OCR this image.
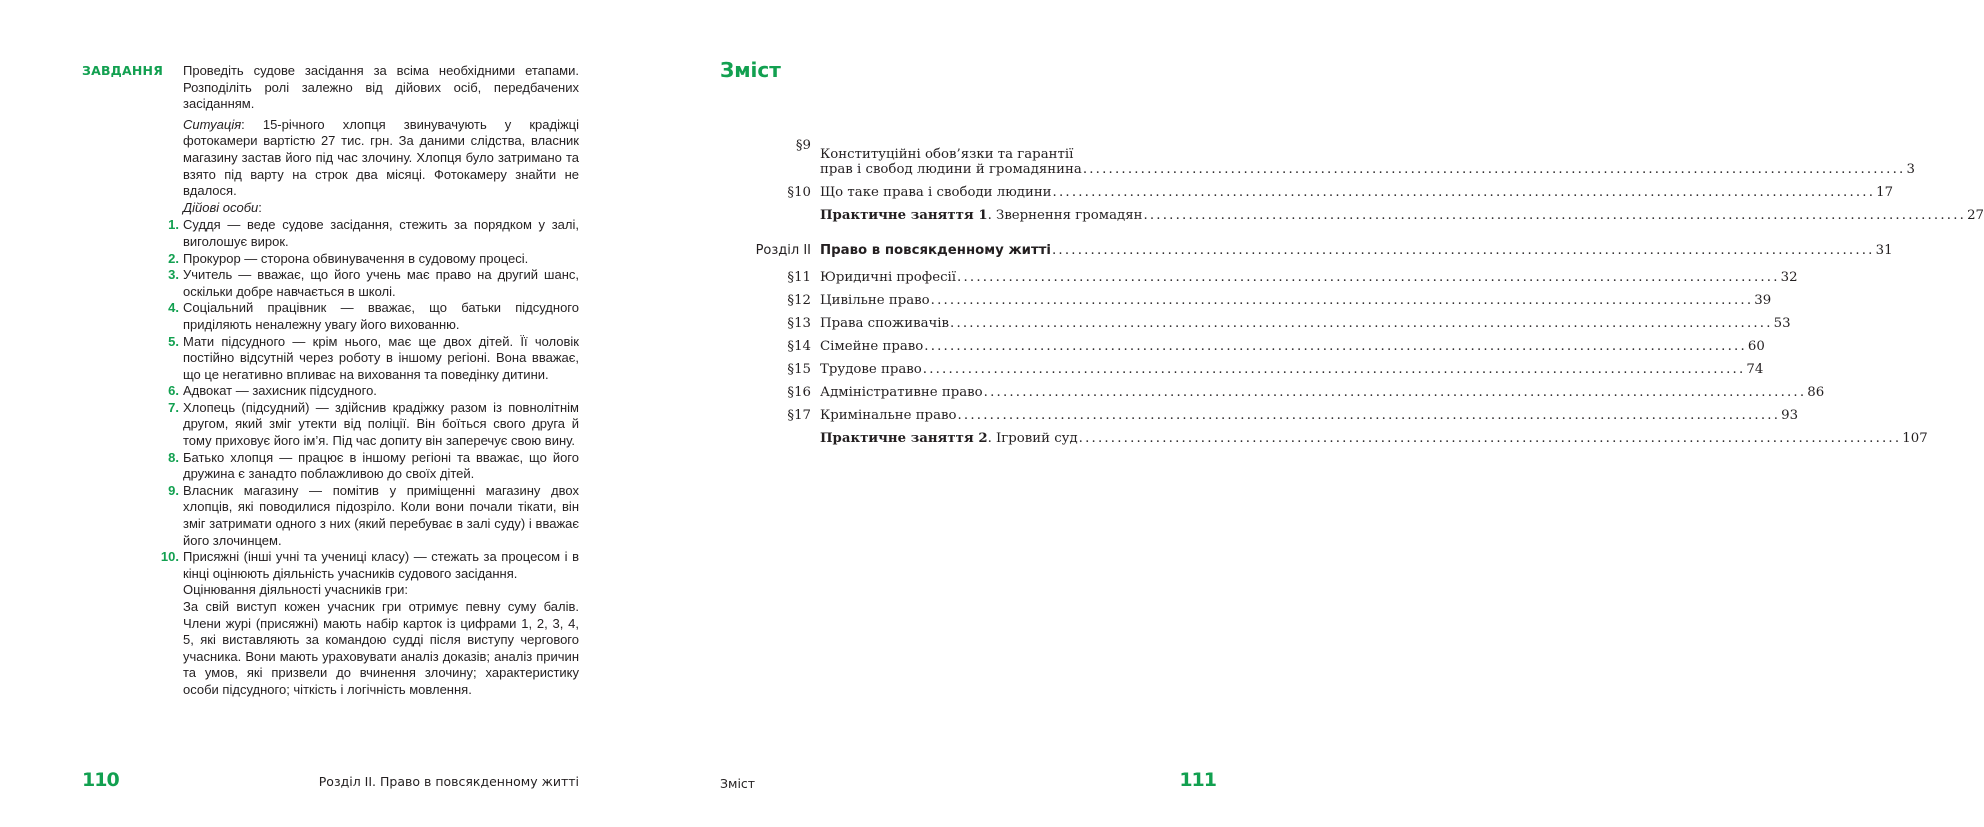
ЗАВДАННЯ Проведіть судове засідання за всіма необхідними етапами. Розподіліть ролі залежно від дійових осіб, передбачених засіданням.

Ситуація: 15-річного хлопця звинувачують у крадіжці фотокамери вартістю 27 тис. грн. За даними слідства, власник магазину застав його під час злочину. Хлопця було затримано та взято під варту на строк два місяці. Фотокамеру знайти не вдалося.

Дійові особи:

1. Суддя — веде судове засідання, стежить за порядком у залі, виголошує вирок.
2. Прокурор — сторона обвинувачення в судовому процесі.
3. Учитель — вважає, що його учень має право на другий шанс, оскільки добре навчається в школі.
4. Соціальний працівник — вважає, що батьки підсудного приділяють неналежну увагу його вихованню.
5. Мати підсудного — крім нього, має ще двох дітей. Її чоловік постійно відсутній через роботу в іншому регіоні. Вона вважає, що це негативно впливає на виховання та поведінку дитини.
6. Адвокат — захисник підсудного.
7. Хлопець (підсудний) — здійснив крадіжку разом із повнолітнім другом, який зміг утекти від поліції. Він боїться свого друга й тому приховує його ім’я. Під час допиту він заперечує свою вину.
8. Батько хлопця — працює в іншому регіоні та вважає, що його дружина є занадто поблажливою до своїх дітей.
9. Власник магазину — помітив у приміщенні магазину двох хлопців, які поводилися підозріло. Коли вони почали тікати, він зміг затримати одного з них (який перебуває в залі суду) і вважає його злочинцем.
10. Присяжні (інші учні та учениці класу) — стежать за процесом і в кінці оцінюють діяльність учасників судового засідання.

Оцінювання діяльності учасників гри:

За свій виступ кожен учасник гри отримує певну суму балів. Члени журі (присяжні) мають набір карток із цифрами 1, 2, 3, 4, 5, які виставляють за командою судді після виступу чергового учасника. Вони мають ураховувати аналіз доказів; аналіз причин та умов, які призвели до вчинення злочину; характеристику особи підсудного; чіткість і логічність мовлення.

110	Розділ II. Право в повсякденному житті
Зміст
§9
Конституційні обов’язки та гарантії
прав і свобод людини й громадянина .....	3
§10 Що таке права і свободи людини .....	17
Практичне заняття 1 . Звернення громадян .....	27
Розділ II Право в повсякденному житті .....	31
§11 Юридичні професії .....	32
§12 Цивільне право .....	39
§13 Права споживачів .....	53
§14 Сімейне право .....	60
§15 Трудове право .....	74
§16 Адміністративне право .....	86
§17 Кримінальне право .....	93
Практичне заняття 2 . Ігровий суд .....	107
Зміст	111
